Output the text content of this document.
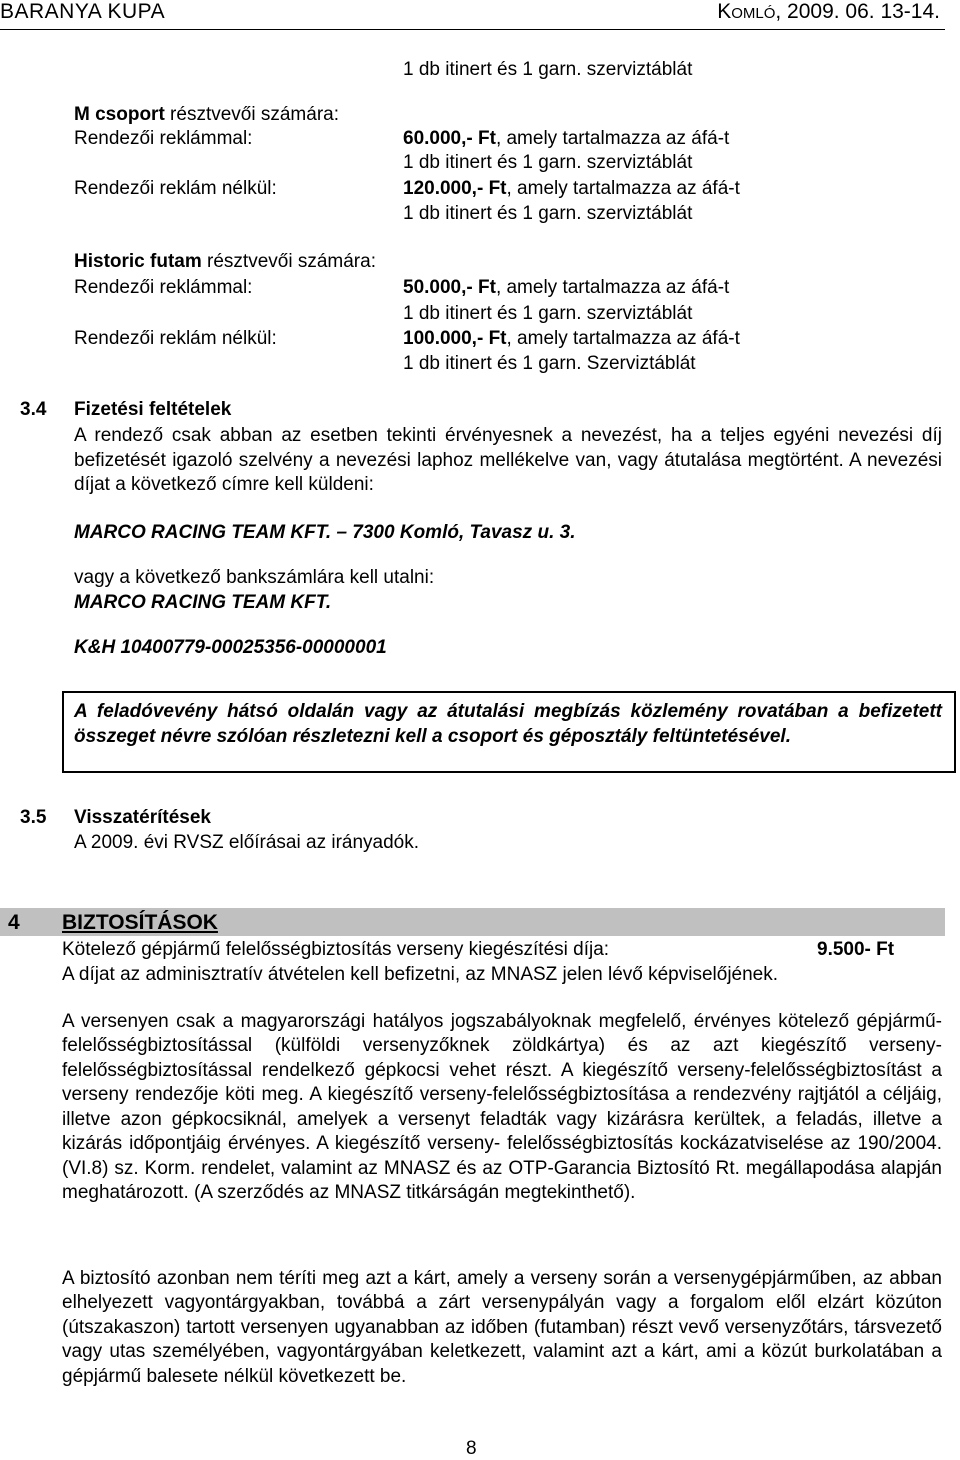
BARANYA KUPA	Komló, 2009. 06. 13-14.
1 db itinert és 1 garn. szerviztáblát
M csoport résztvevői számára:
Rendezői reklámmal:	60.000,- Ft, amely tartalmazza az áfá-t
1 db itinert és 1 garn. szerviztáblát
Rendezői reklám nélkül:	120.000,- Ft, amely tartalmazza az áfá-t
1 db itinert és 1 garn. szerviztáblát
Historic futam résztvevői számára:
Rendezői reklámmal:	50.000,- Ft, amely tartalmazza az áfá-t
1 db itinert és 1 garn. szerviztáblát
Rendezői reklám nélkül:	100.000,- Ft, amely tartalmazza az áfá-t
1 db itinert és 1 garn. Szerviztáblát
3.4 Fizetési feltételek
A rendező csak abban az esetben tekinti érvényesnek a nevezést, ha a teljes egyéni nevezési díj befizetését igazoló szelvény a nevezési laphoz mellékelve van, vagy átutalása megtörtént. A nevezési díjat a következő címre kell küldeni:
MARCO RACING TEAM KFT. – 7300 Komló, Tavasz u. 3.
vagy a következő bankszámlára kell utalni:
MARCO RACING TEAM KFT.
K&H 10400779-00025356-00000001
A feladóvevény hátsó oldalán vagy az átutalási megbízás közlemény rovatában a befizetett összeget névre szólóan részletezni kell a csoport és géposztály feltüntetésével.
3.5 Visszatérítések
A 2009. évi RVSZ előírásai az irányadók.
4 BIZTOSÍTÁSOK
Kötelező gépjármű felelősségbiztosítás verseny kiegészítési díja:	9.500- Ft
A díjat az adminisztratív átvételen kell befizetni, az MNASZ jelen lévő képviselőjének.
A versenyen csak a magyarországi hatályos jogszabályoknak megfelelő, érvényes kötelező gépjármű-felelősségbiztosítással (külföldi versenyzőknek zöldkártya) és az azt kiegészítő verseny-felelősségbiztosítással rendelkező gépkocsi vehet részt. A kiegészítő verseny-felelősségbiztosítást a verseny rendezője köti meg. A kiegészítő verseny-felelősségbiztosítása a rendezvény rajtjától a céljáig, illetve azon gépkocsiknál, amelyek a versenyt feladták vagy kizárásra kerültek, a feladás, illetve a kizárás időpontjáig érvényes. A kiegészítő verseny- felelősségbiztosítás kockázatviselése az 190/2004. (VI.8) sz. Korm. rendelet, valamint az MNASZ és az OTP-Garancia Biztosító Rt. megállapodása alapján meghatározott. (A szerződés az MNASZ titkárságán megtekinthető).
A biztosító azonban nem téríti meg azt a kárt, amely a verseny során a versenygépjárműben, az abban elhelyezett vagyontárgyakban, továbbá a zárt versenypályán vagy a forgalom elől elzárt közúton (útszakaszon) tartott versenyen ugyanabban az időben (futamban) részt vevő versenyzőtárs, társvezető vagy utas személyében, vagyontárgyában keletkezett, valamint azt a kárt, ami a közút burkolatában a gépjármű balesete nélkül következett be.
8
